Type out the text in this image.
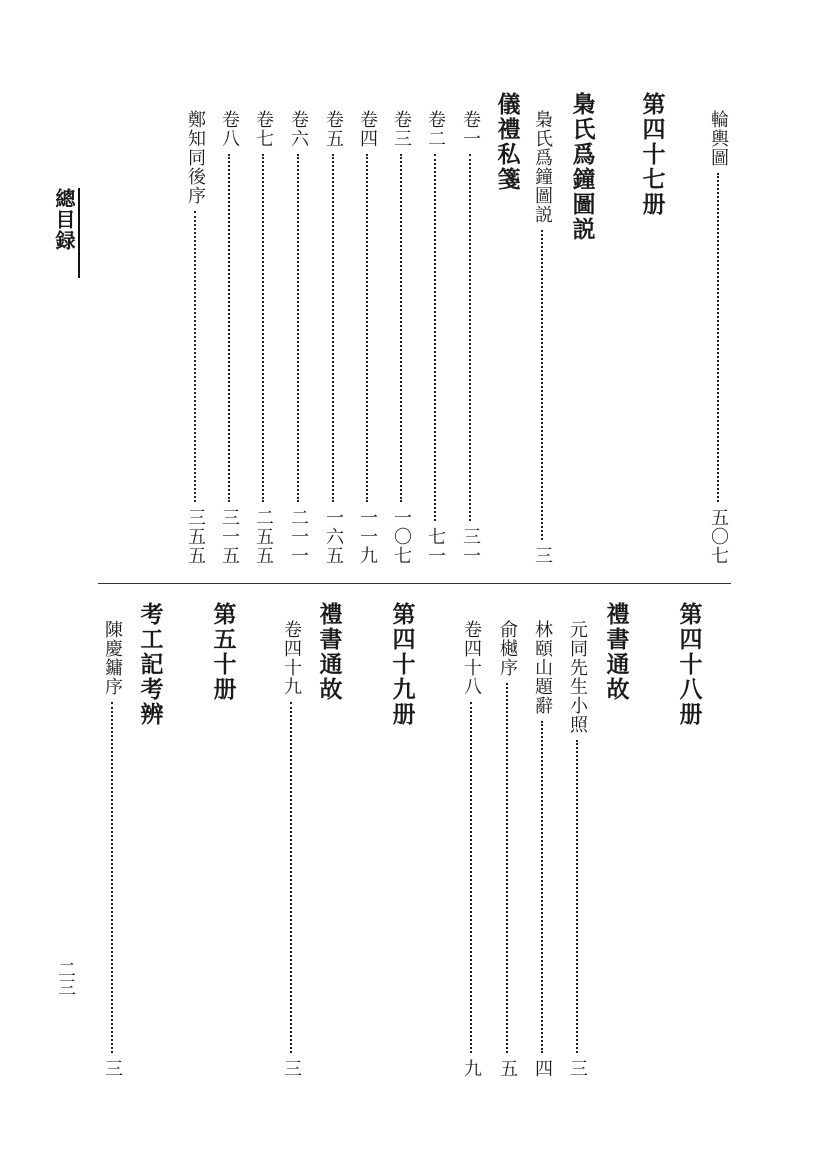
總目録
二三
輪輿圖
五〇七
第四十七册
梟氏爲鐘圖説
梟氏爲鐘圖説
三
儀禮私箋
卷一
三一
卷二
七一
卷三
一〇七
卷四
一一九
卷五
一六五
卷六
二一一
卷七
二五五
卷八
三一五
鄭知同後序
三五五
第四十八册
禮書通故
元同先生小照
三
林頤山題辭
四
俞樾序
五
卷四十八
九
第四十九册
禮書通故
卷四十九
三
第五十册
考工記考辨
陳慶鏞序
三
